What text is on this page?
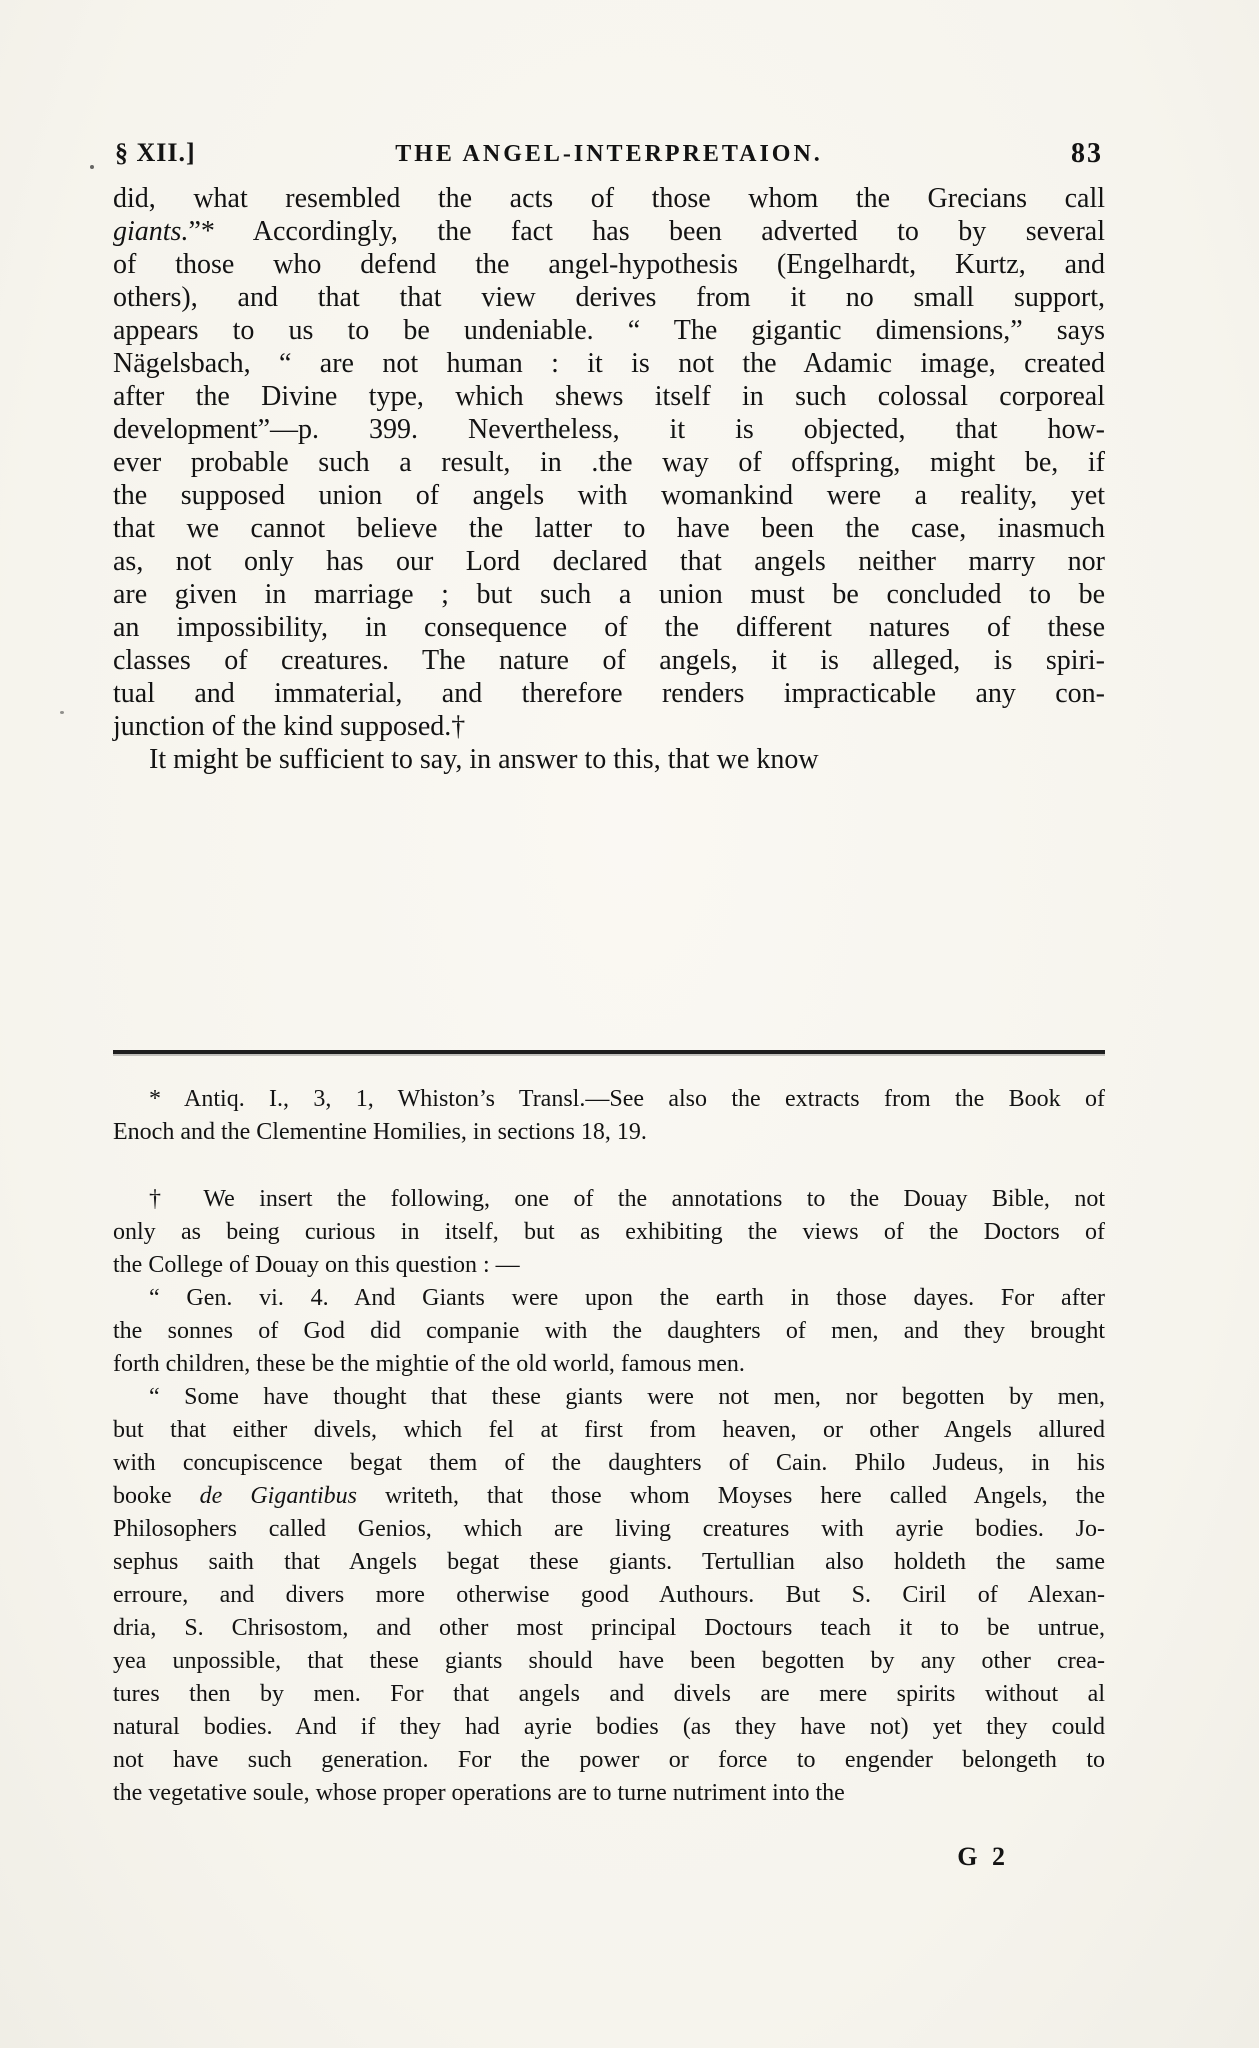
§ XII.]	THE ANGEL-INTERPRETAION.	83
did, what resembled the acts of those whom the Grecians call
giants.”* Accordingly, the fact has been adverted to by several
of those who defend the angel-hypothesis (Engelhardt, Kurtz, and
others), and that that view derives from it no small support,
appears to us to be undeniable. “ The gigantic dimensions,” says
Nägelsbach, “ are not human : it is not the Adamic image, created
after the Divine type, which shews itself in such colossal corporeal
development”—p. 399. Nevertheless, it is objected, that how-
ever probable such a result, in .the way of offspring, might be, if
the supposed union of angels with womankind were a reality, yet
that we cannot believe the latter to have been the case, inasmuch
as, not only has our Lord declared that angels neither marry nor
are given in marriage ; but such a union must be concluded to be
an impossibility, in consequence of the different natures of these
classes of creatures. The nature of angels, it is alleged, is spiri-
tual and immaterial, and therefore renders impracticable any con-
junction of the kind supposed.†
It might be sufficient to say, in answer to this, that we know
* Antiq. I., 3, 1, Whiston’s Transl.—See also the extracts from the Book of
Enoch and the Clementine Homilies, in sections 18, 19.
† We insert the following, one of the annotations to the Douay Bible, not
only as being curious in itself, but as exhibiting the views of the Doctors of
the College of Douay on this question : —
“ Gen. vi. 4. And Giants were upon the earth in those dayes. For after
the sonnes of God did companie with the daughters of men, and they brought
forth children, these be the mightie of the old world, famous men.
“ Some have thought that these giants were not men, nor begotten by men,
but that either divels, which fel at first from heaven, or other Angels allured
with concupiscence begat them of the daughters of Cain. Philo Judeus, in his
booke de Gigantibus writeth, that those whom Moyses here called Angels, the
Philosophers called Genios, which are living creatures with ayrie bodies. Jo-
sephus saith that Angels begat these giants. Tertullian also holdeth the same
erroure, and divers more otherwise good Authours. But S. Ciril of Alexan-
dria, S. Chrisostom, and other most principal Doctours teach it to be untrue,
yea unpossible, that these giants should have been begotten by any other crea-
tures then by men. For that angels and divels are mere spirits without al
natural bodies. And if they had ayrie bodies (as they have not) yet they could
not have such generation. For the power or force to engender belongeth to
the vegetative soule, whose proper operations are to turne nutriment into the
G 2
